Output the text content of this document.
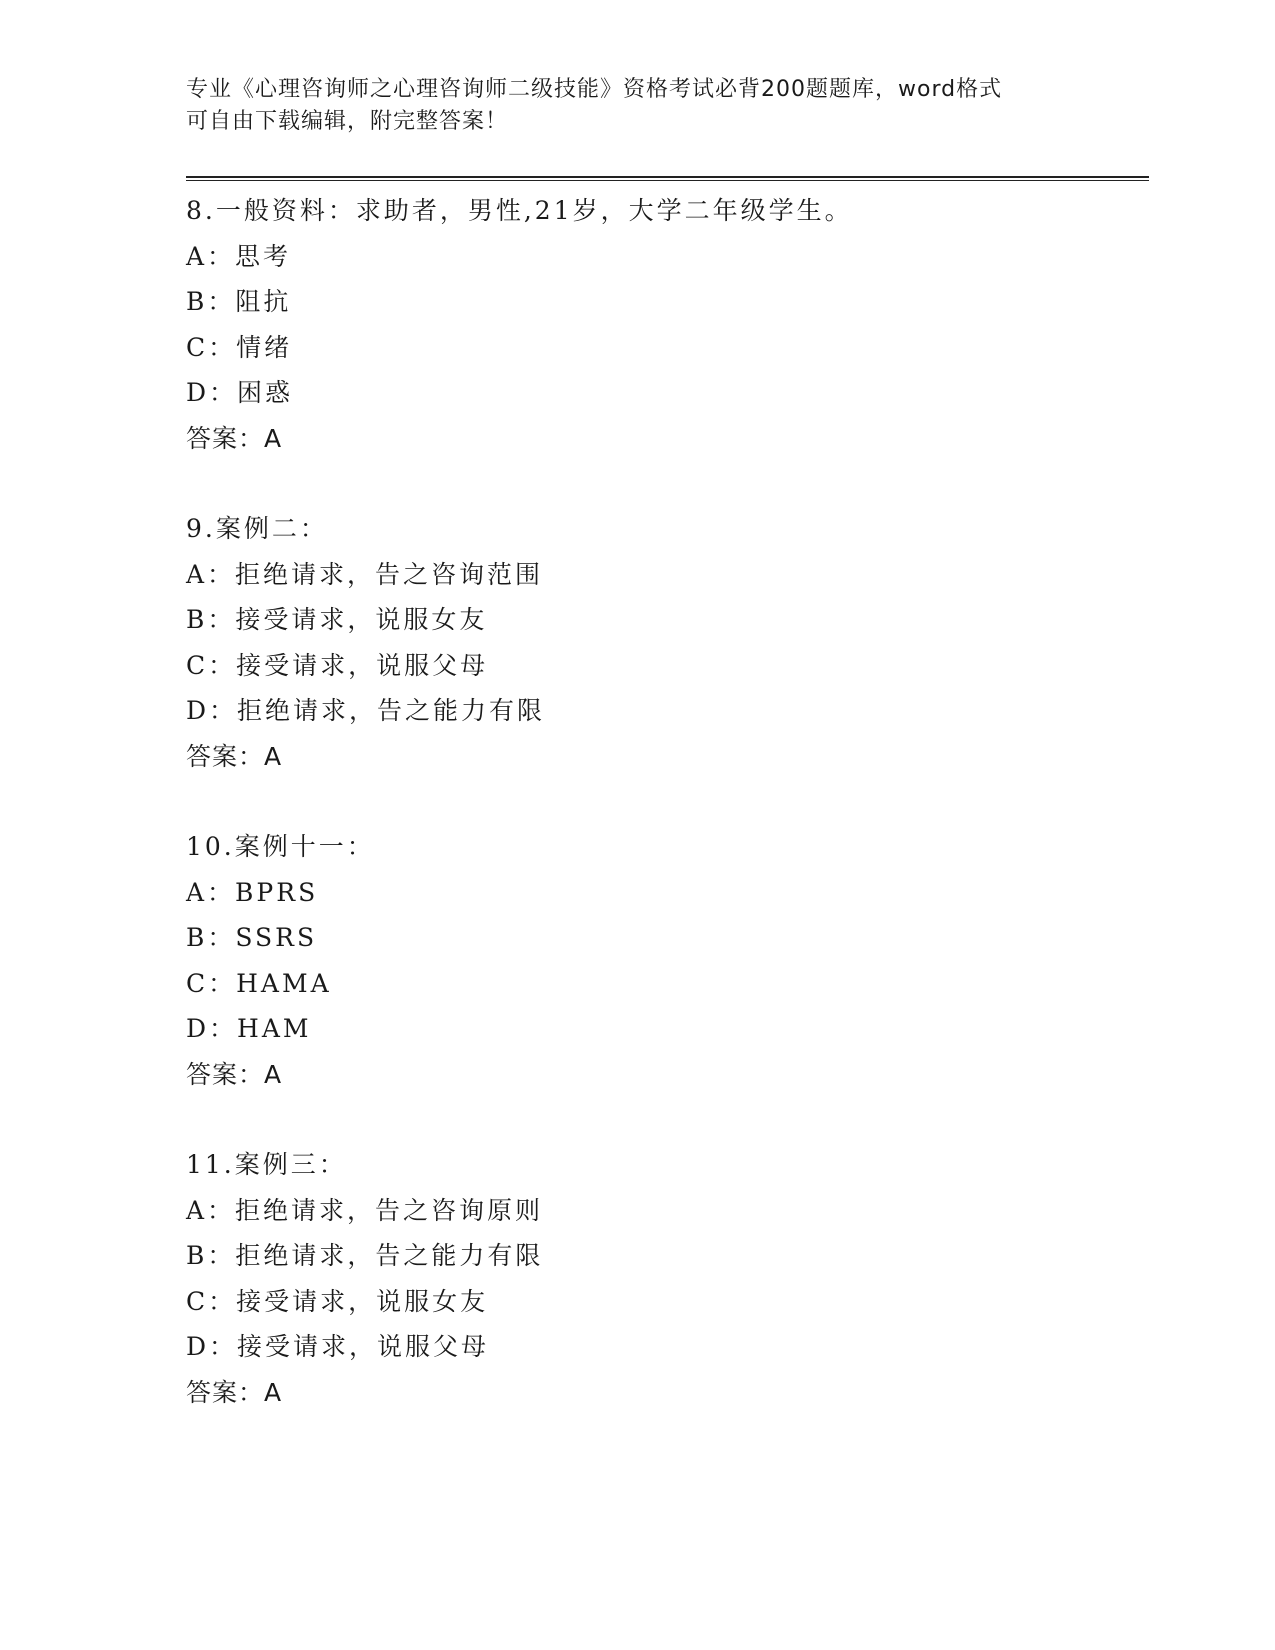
专业《心理咨询师之心理咨询师二级技能》资格考试必背200题题库，word格式
可自由下载编辑，附完整答案！
8.一般资料：求助者，男性,21岁，大学二年级学生。
A：思考
B：阻抗
C：情绪
D：困惑
答案：A
9.案例二：
A：拒绝请求，告之咨询范围
B：接受请求，说服女友
C：接受请求，说服父母
D：拒绝请求，告之能力有限
答案：A
10.案例十一：
A：BPRS
B：SSRS
C：HAMA
D：HAM
答案：A
11.案例三：
A：拒绝请求，告之咨询原则
B：拒绝请求，告之能力有限
C：接受请求，说服女友
D：接受请求，说服父母
答案：A
